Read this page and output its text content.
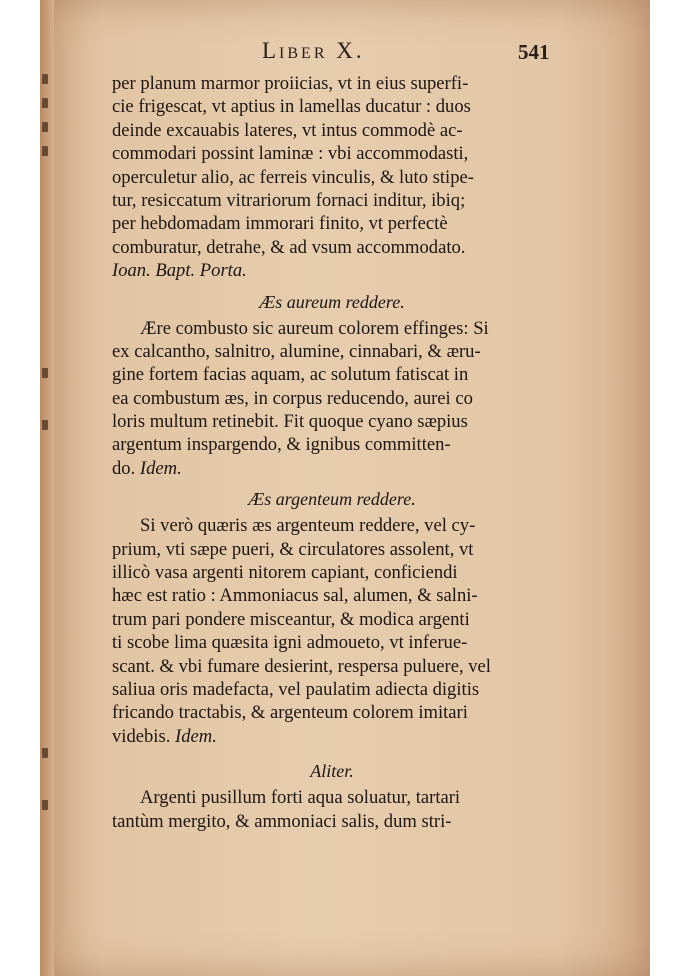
Liber X.	541
per planum marmor proiicias, vt in eius superfi-
cie frigescat, vt aptius in lamellas ducatur : duos
deinde excauabis lateres, vt intus commodè ac-
commodari possint laminæ : vbi accommodasti,
operculetur alio, ac ferreis vinculis, & luto stipe-
tur, resiccatum vitrariorum fornaci inditur, ibiq;
per hebdomadam immorari finito, vt perfectè
comburatur, detrahe, & ad vsum accommodato.
Ioan. Bapt. Porta.
Æs aureum reddere.
Ære combusto sic aureum colorem effinges: Si
ex calcantho, salnitro, alumine, cinnabari, & æru-
gine fortem facias aquam, ac solutum fatiscat in
ea combustum æs, in corpus reducendo, aurei co
loris multum retinebit. Fit quoque cyano sæpius
argentum inspargendo, & ignibus committen-
do. Idem.
Æs argenteum reddere.
Si verò quæris æs argenteum reddere, vel cy-
prium, vti sæpe pueri, & circulatores assolent, vt
illicò vasa argenti nitorem capiant, conficiendi
hæc est ratio : Ammoniacus sal, alumen, & salni-
trum pari pondere misceantur, & modica argenti
ti scobe lima quæsita igni admoueto, vt inferue-
scant. & vbi fumare desierint, respersa puluere, vel
saliua oris madefacta, vel paulatim adiecta digitis
fricando tractabis, & argenteum colorem imitari
videbis. Idem.
Aliter.
Argenti pusillum forti aqua soluatur, tartari
tantùm mergito, & ammoniaci salis, dum stri-
